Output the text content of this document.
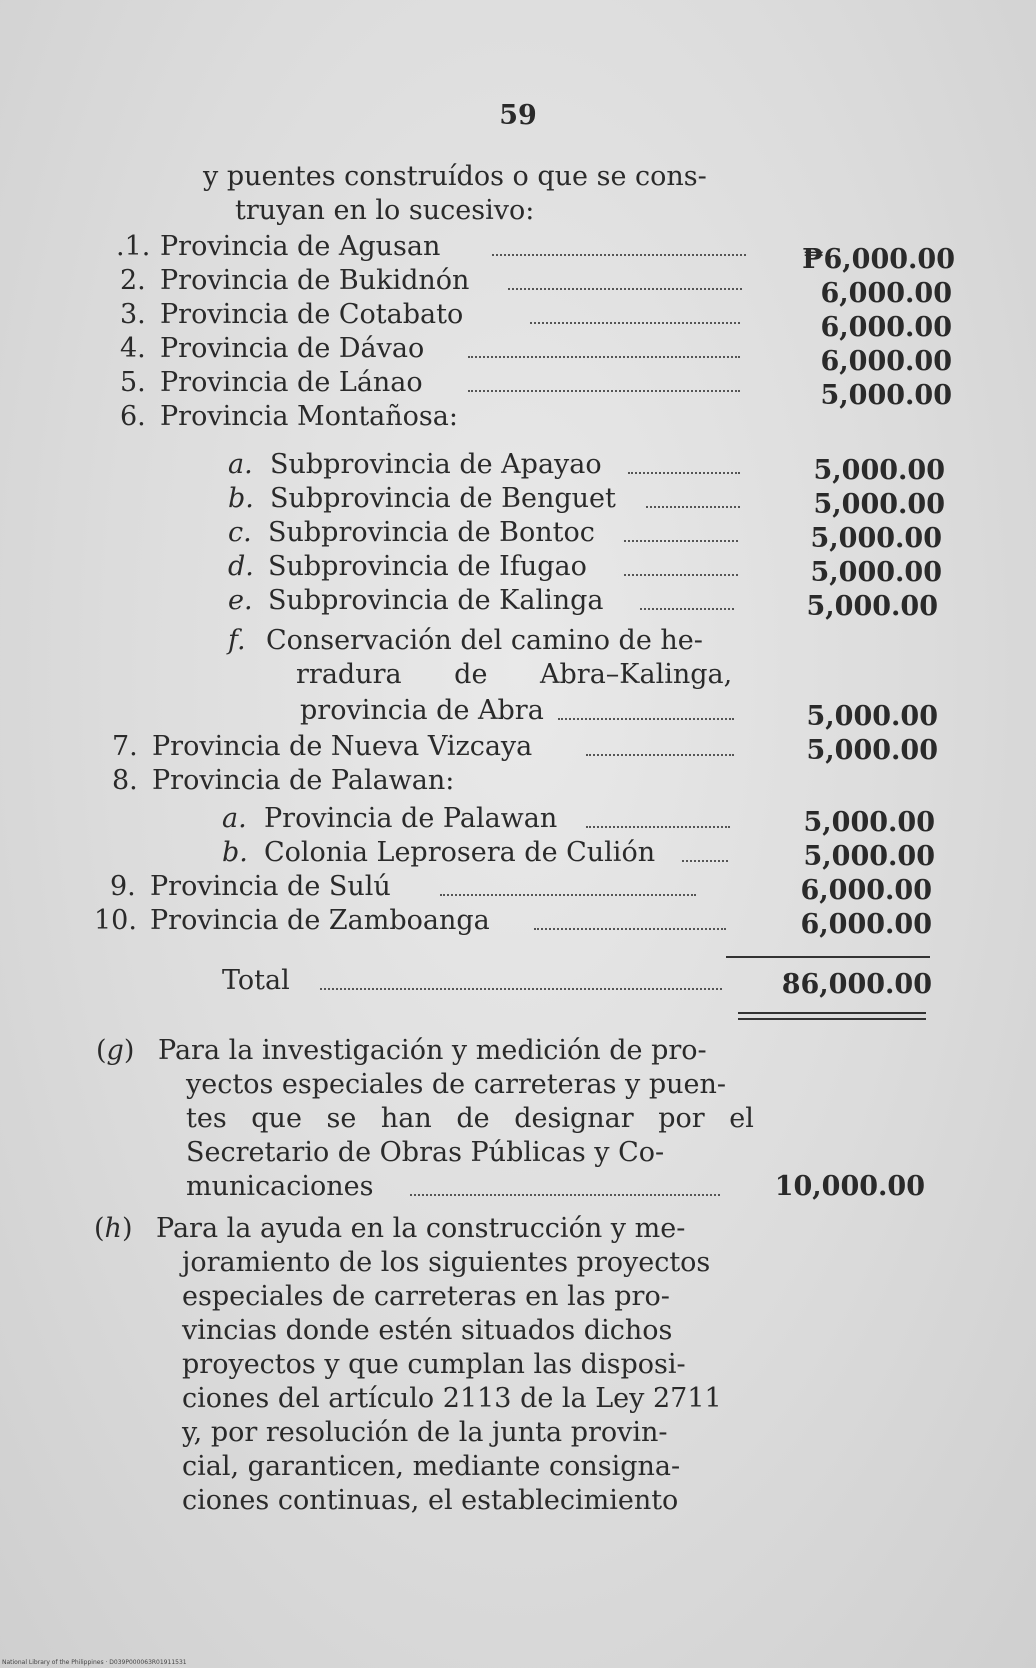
59
y puentes construídos o que se cons-
truyan en lo sucesivo:
.1. Provincia de Agusan	₱6,000.00
2. Provincia de Bukidnón	6,000.00
3. Provincia de Cotabato	6,000.00
4. Provincia de Dávao	6,000.00
5. Provincia de Lánao	5,000.00
6. Provincia Montañosa:
a. Subprovincia de Apayao	5,000.00
b. Subprovincia de Benguet	5,000.00
c. Subprovincia de Bontoc	5,000.00
d. Subprovincia de Ifugao	5,000.00
e. Subprovincia de Kalinga	5,000.00
f. Conservación del camino de he-
rradura de Abra–Kalinga,
provincia de Abra	5,000.00
7. Provincia de Nueva Vizcaya	5,000.00
8. Provincia de Palawan:
a. Provincia de Palawan	5,000.00
b. Colonia Leprosera de Culión	5,000.00
9. Provincia de Sulú	6,000.00
10. Provincia de Zamboanga	6,000.00
Total	86,000.00
(g) Para la investigación y medición de pro-
yectos especiales de carreteras y puen-
tes que se han de designar por el
Secretario de Obras Públicas y Co-
municaciones	10,000.00
(h) Para la ayuda en la construcción y me-
joramiento de los siguientes proyectos
especiales de carreteras en las pro-
vincias donde estén situados dichos
proyectos y que cumplan las disposi-
ciones del artículo 2113 de la Ley 2711
y, por resolución de la junta provin-
cial, garanticen, mediante consigna-
ciones continuas, el establecimiento
National Library of the Philippines · D039P000063R01911531
